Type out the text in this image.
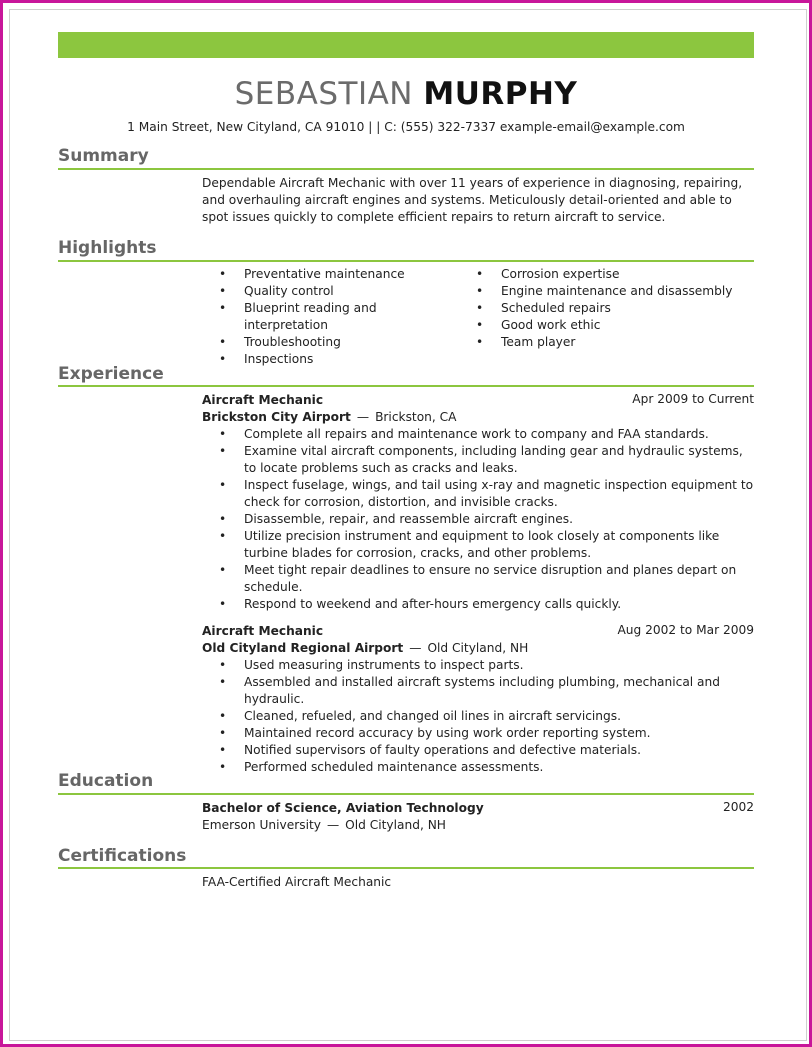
SEBASTIAN MURPHY
1 Main Street, New Cityland, CA 91010 | | C: (555) 322-7337 example-email@example.com
Summary
Dependable Aircraft Mechanic with over 11 years of experience in diagnosing, repairing, and overhauling aircraft engines and systems. Meticulously detail-oriented and able to spot issues quickly to complete efficient repairs to return aircraft to service.
Highlights
• Preventative maintenance
• Quality control
• Blueprint reading and interpretation
• Troubleshooting
• Inspections
• Corrosion expertise
• Engine maintenance and disassembly
• Scheduled repairs
• Good work ethic
• Team player
Experience
Aircraft Mechanic	Apr 2009 to Current
Brickston City Airport — Brickston, CA
• Complete all repairs and maintenance work to company and FAA standards.
• Examine vital aircraft components, including landing gear and hydraulic systems, to locate problems such as cracks and leaks.
• Inspect fuselage, wings, and tail using x-ray and magnetic inspection equipment to check for corrosion, distortion, and invisible cracks.
• Disassemble, repair, and reassemble aircraft engines.
• Utilize precision instrument and equipment to look closely at components like turbine blades for corrosion, cracks, and other problems.
• Meet tight repair deadlines to ensure no service disruption and planes depart on schedule.
• Respond to weekend and after-hours emergency calls quickly.
Aircraft Mechanic	Aug 2002 to Mar 2009
Old Cityland Regional Airport — Old Cityland, NH
• Used measuring instruments to inspect parts.
• Assembled and installed aircraft systems including plumbing, mechanical and hydraulic.
• Cleaned, refueled, and changed oil lines in aircraft servicings.
• Maintained record accuracy by using work order reporting system.
• Notified supervisors of faulty operations and defective materials.
• Performed scheduled maintenance assessments.
Education
Bachelor of Science, Aviation Technology	2002
Emerson University — Old Cityland, NH
Certifications
FAA-Certified Aircraft Mechanic
